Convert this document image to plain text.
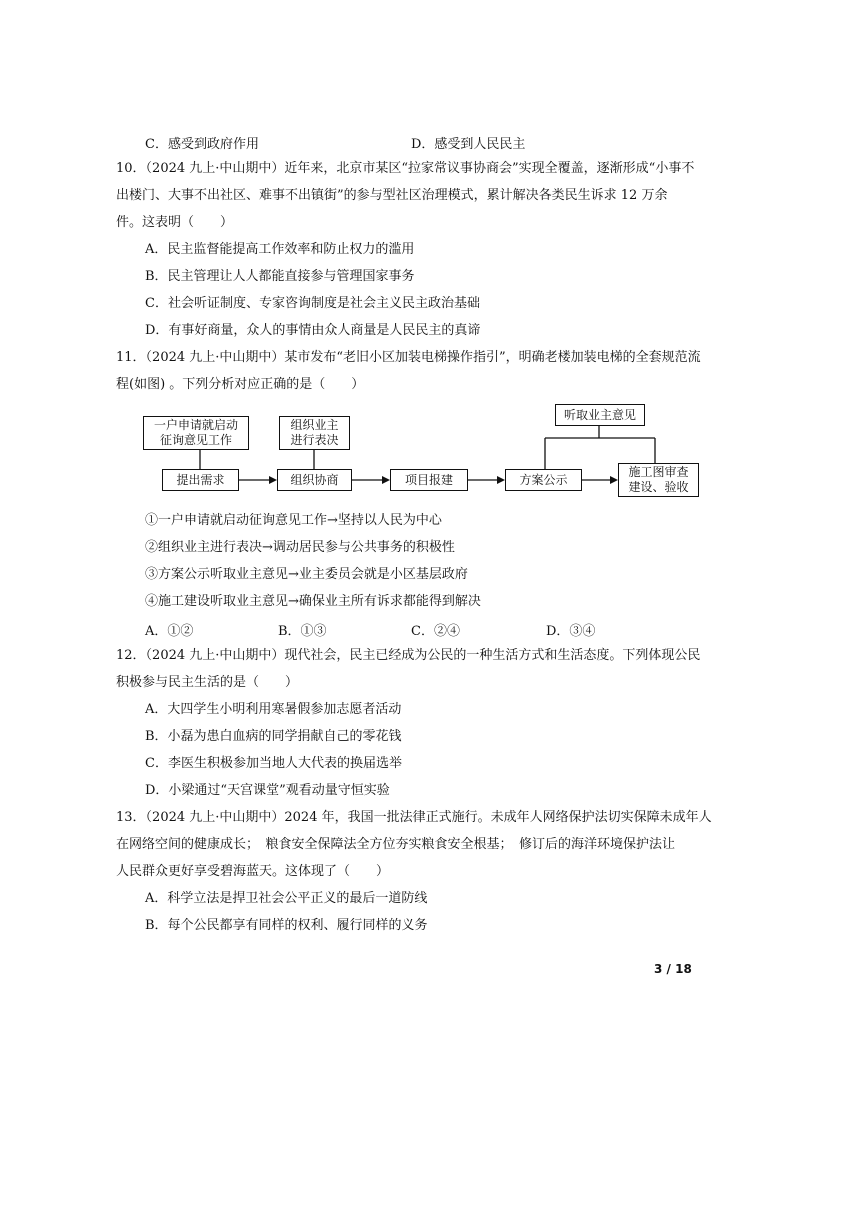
C．感受到政府作用	D．感受到人民民主
10．（2024 九上·中山期中）近年来，北京市某区“拉家常议事协商会”实现全覆盖，逐渐形成“小事不
出楼门、大事不出社区、难事不出镇街”的参与型社区治理模式，累计解决各类民生诉求 12 万余
件。这表明（　　）
A．民主监督能提高工作效率和防止权力的滥用
B．民主管理让人人都能直接参与管理国家事务
C．社会听证制度、专家咨询制度是社会主义民主政治基础
D．有事好商量，众人的事情由众人商量是人民民主的真谛
11．（2024 九上·中山期中）某市发布“老旧小区加装电梯操作指引”，明确老楼加装电梯的全套规范流
程(如图) 。下列分析对应正确的是（　　）
一户申请就启动征询意见工作
组织业主进行表决
听取业主意见
提出需求	组织协商	项目报建	方案公示
施工图审查建设、验收
①一户申请就启动征询意见工作→坚持以人民为中心
②组织业主进行表决→调动居民参与公共事务的积极性
③方案公示听取业主意见→业主委员会就是小区基层政府
④施工建设听取业主意见→确保业主所有诉求都能得到解决
A．①②	B．①③	C．②④	D．③④
12．（2024 九上·中山期中）现代社会，民主已经成为公民的一种生活方式和生活态度。下列体现公民
积极参与民主生活的是（　　）
A．大四学生小明利用寒暑假参加志愿者活动
B．小磊为患白血病的同学捐献自己的零花钱
C．李医生积极参加当地人大代表的换届选举
D．小梁通过“天宫课堂”观看动量守恒实验
13．（2024 九上·中山期中）2024 年，我国一批法律正式施行。未成年人网络保护法切实保障未成年人
在网络空间的健康成长；　粮食安全保障法全方位夯实粮食安全根基；　修订后的海洋环境保护法让
人民群众更好享受碧海蓝天。这体现了（　　）
A．科学立法是捍卫社会公平正义的最后一道防线
B．每个公民都享有同样的权利、履行同样的义务
3 / 18
